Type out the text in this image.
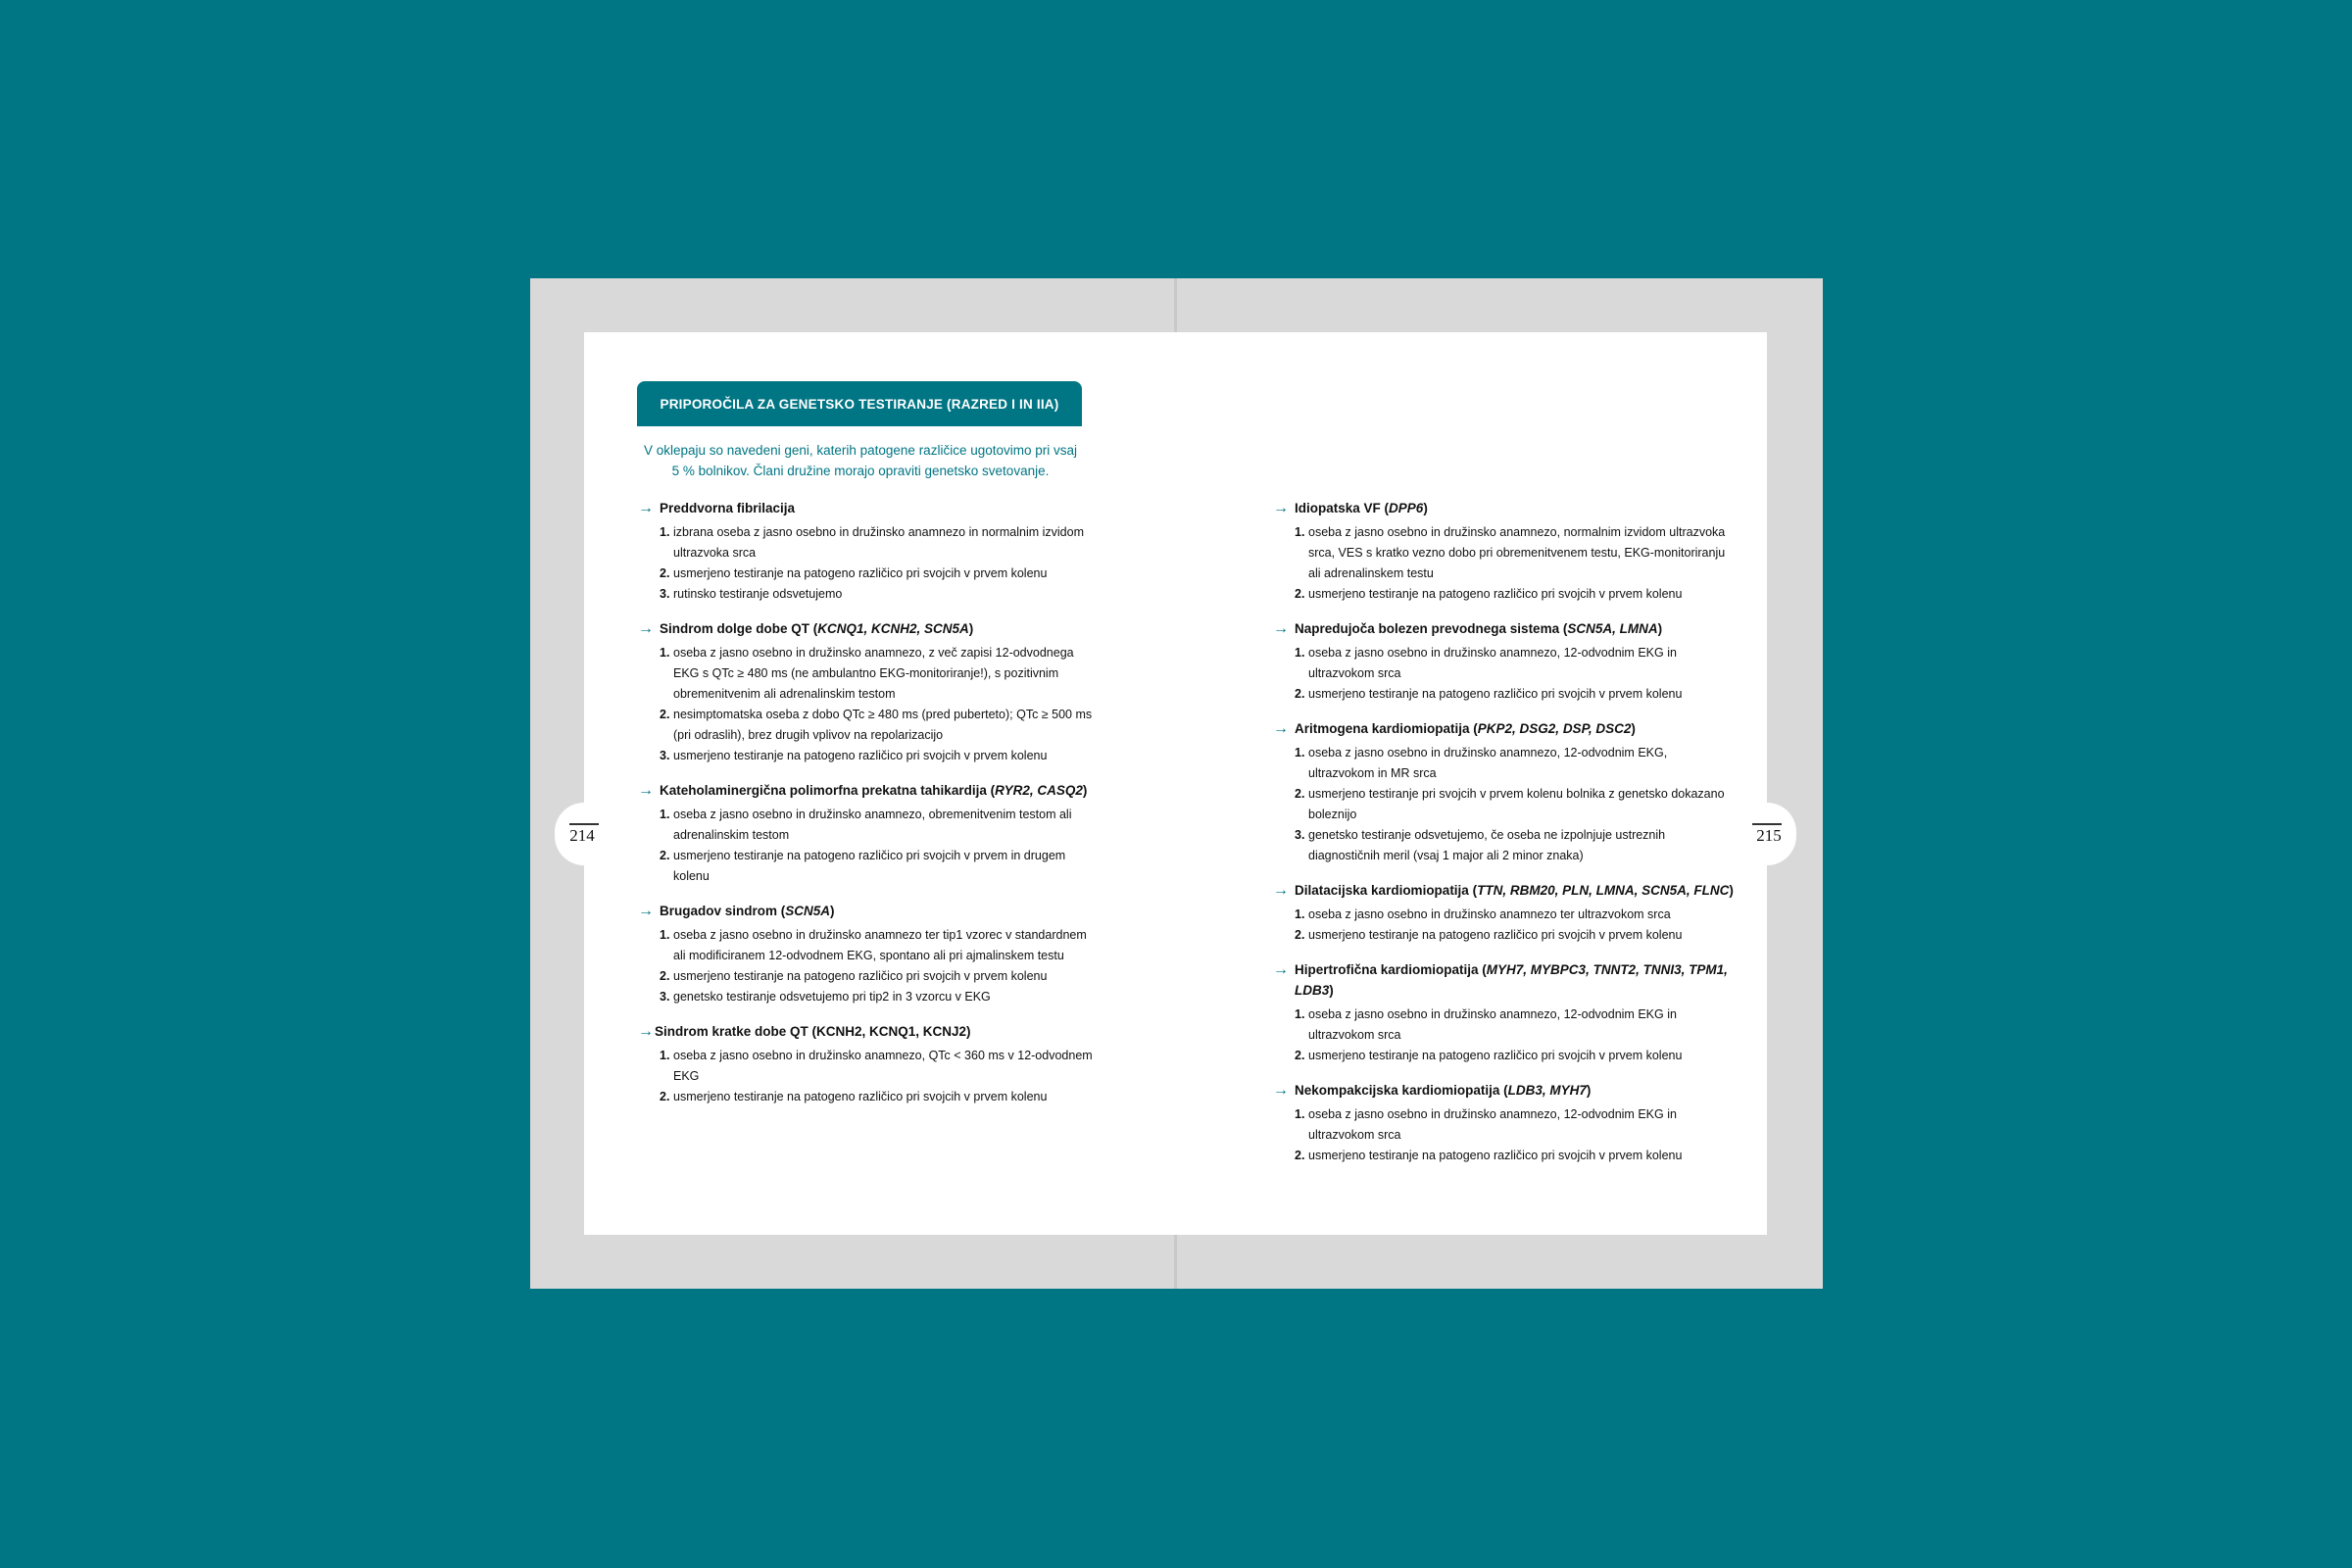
214	215
PRIPOROČILA ZA GENETSKO TESTIRANJE (RAZRED I IN IIA)
V oklepaju so navedeni geni, katerih patogene različice ugotovimo pri vsaj 5 % bolnikov. Člani družine morajo opraviti genetsko svetovanje.
→ Preddvorna fibrilacija
1. izbrana oseba z jasno osebno in družinsko anamnezo in normalnim izvidom ultrazvoka srca
2. usmerjeno testiranje na patogeno različico pri svojcih v prvem kolenu
3. rutinsko testiranje odsvetujemo
→ Sindrom dolge dobe QT (KCNQ1, KCNH2, SCN5A)
1. oseba z jasno osebno in družinsko anamnezo, z več zapisi 12-odvodnega EKG s QTc ≥ 480 ms (ne ambulantno EKG-monitoriranje!), s pozitivnim obremenitvenim ali adrenalinskim testom
2. nesimptomatska oseba z dobo QTc ≥ 480 ms (pred puberteto); QTc ≥ 500 ms (pri odraslih), brez drugih vplivov na repolarizacijo
3. usmerjeno testiranje na patogeno različico pri svojcih v prvem kolenu
→ Kateholaminergična polimorfna prekatna tahikardija (RYR2, CASQ2)
1. oseba z jasno osebno in družinsko anamnezo, obremenitvenim testom ali adrenalinskim testom
2. usmerjeno testiranje na patogeno različico pri svojcih v prvem in drugem kolenu
→ Brugadov sindrom (SCN5A)
1. oseba z jasno osebno in družinsko anamnezo ter tip1 vzorec v standardnem ali modificiranem 12-odvodnem EKG, spontano ali pri ajmalinskem testu
2. usmerjeno testiranje na patogeno različico pri svojcih v prvem kolenu
3. genetsko testiranje odsvetujemo pri tip2 in 3 vzorcu v EKG
→ Sindrom kratke dobe QT (KCNH2, KCNQ1, KCNJ2)
1. oseba z jasno osebno in družinsko anamnezo, QTc < 360 ms v 12-odvodnem EKG
2. usmerjeno testiranje na patogeno različico pri svojcih v prvem kolenu
→ Idiopatska VF (DPP6)
1. oseba z jasno osebno in družinsko anamnezo, normalnim izvidom ultrazvoka srca, VES s kratko vezno dobo pri obremenitvenem testu, EKG-monitoriranju ali adrenalinskem testu
2. usmerjeno testiranje na patogeno različico pri svojcih v prvem kolenu
→ Napredujoča bolezen prevodnega sistema (SCN5A, LMNA)
1. oseba z jasno osebno in družinsko anamnezo, 12-odvodnim EKG in ultrazvokom srca
2. usmerjeno testiranje na patogeno različico pri svojcih v prvem kolenu
→ Aritmogena kardiomiopatija (PKP2, DSG2, DSP, DSC2)
1. oseba z jasno osebno in družinsko anamnezo, 12-odvodnim EKG, ultrazvokom in MR srca
2. usmerjeno testiranje pri svojcih v prvem kolenu bolnika z genetsko dokazano boleznijo
3. genetsko testiranje odsvetujemo, če oseba ne izpolnjuje ustreznih diagnostičnih meril (vsaj 1 major ali 2 minor znaka)
→ Dilatacijska kardiomiopatija (TTN, RBM20, PLN, LMNA, SCN5A, FLNC)
1. oseba z jasno osebno in družinsko anamnezo ter ultrazvokom srca
2. usmerjeno testiranje na patogeno različico pri svojcih v prvem kolenu
→ Hipertrofična kardiomiopatija (MYH7, MYBPC3, TNNT2, TNNI3, TPM1, LDB3)
1. oseba z jasno osebno in družinsko anamnezo, 12-odvodnim EKG in ultrazvokom srca
2. usmerjeno testiranje na patogeno različico pri svojcih v prvem kolenu
→ Nekompakcijska kardiomiopatija (LDB3, MYH7)
1. oseba z jasno osebno in družinsko anamnezo, 12-odvodnim EKG in ultrazvokom srca
2. usmerjeno testiranje na patogeno različico pri svojcih v prvem kolenu
